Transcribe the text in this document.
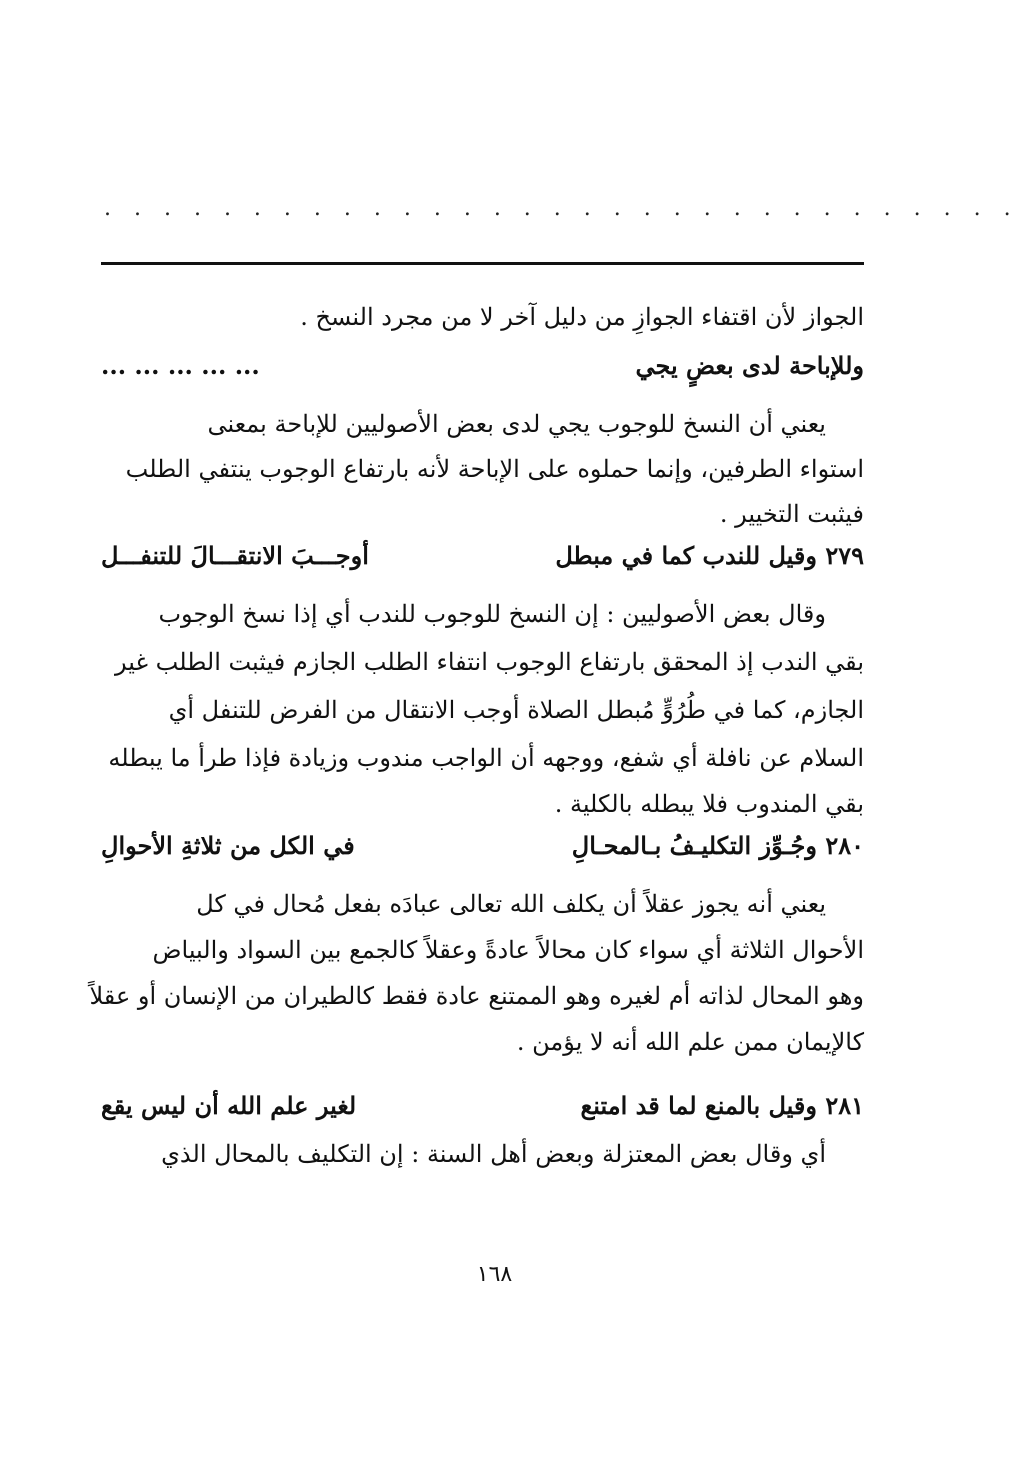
. . . . . . . . . . . . . . . . . . . . . . . . . . . . . . .
الجواز لأن اقتفاء الجوازِ من دليل آخر لا من مجرد النسخ .
وللإباحة لدى بعضٍ يجي
... ... ... ... ...
يعني أن النسخ للوجوب يجي لدى بعض الأصوليين للإباحة بمعنى
استواء الطرفين، وإنما حملوه على الإباحة لأنه بارتفاع الوجوب ينتفي الطلب
فيثبت التخيير .
٢٧٩ وقيل للندب كما في مبطل
أوجـــبَ الانتقـــالَ للتنفـــل
وقال بعض الأصوليين : إن النسخ للوجوب للندب أي إذا نسخ الوجوب
بقي الندب إذ المحقق بارتفاع الوجوب انتفاء الطلب الجازم فيثبت الطلب غير
الجازم، كما في طُرُوٍّ مُبطل الصلاة أوجب الانتقال من الفرض للتنفل أي
السلام عن نافلة أي شفع، ووجهه أن الواجب مندوب وزيادة فإذا طرأ ما يبطله
بقي المندوب فلا يبطله بالكلية .
٢٨٠ وجُـوِّز التكليـفُ بـالمحـالِ
في الكل من ثلاثةِ الأحوالِ
يعني أنه يجوز عقلاً أن يكلف الله تعالى عبادَه بفعل مُحال في كل
الأحوال الثلاثة أي سواء كان محالاً عادةً وعقلاً كالجمع بين السواد والبياض
وهو المحال لذاته أم لغيره وهو الممتنع عادة فقط كالطيران من الإنسان أو عقلاً
كالإيمان ممن علم الله أنه لا يؤمن .
٢٨١ وقيل بالمنع لما قد امتنع
لغير علم الله أن ليس يقع
أي وقال بعض المعتزلة وبعض أهل السنة : إن التكليف بالمحال الذي
١٦٨
